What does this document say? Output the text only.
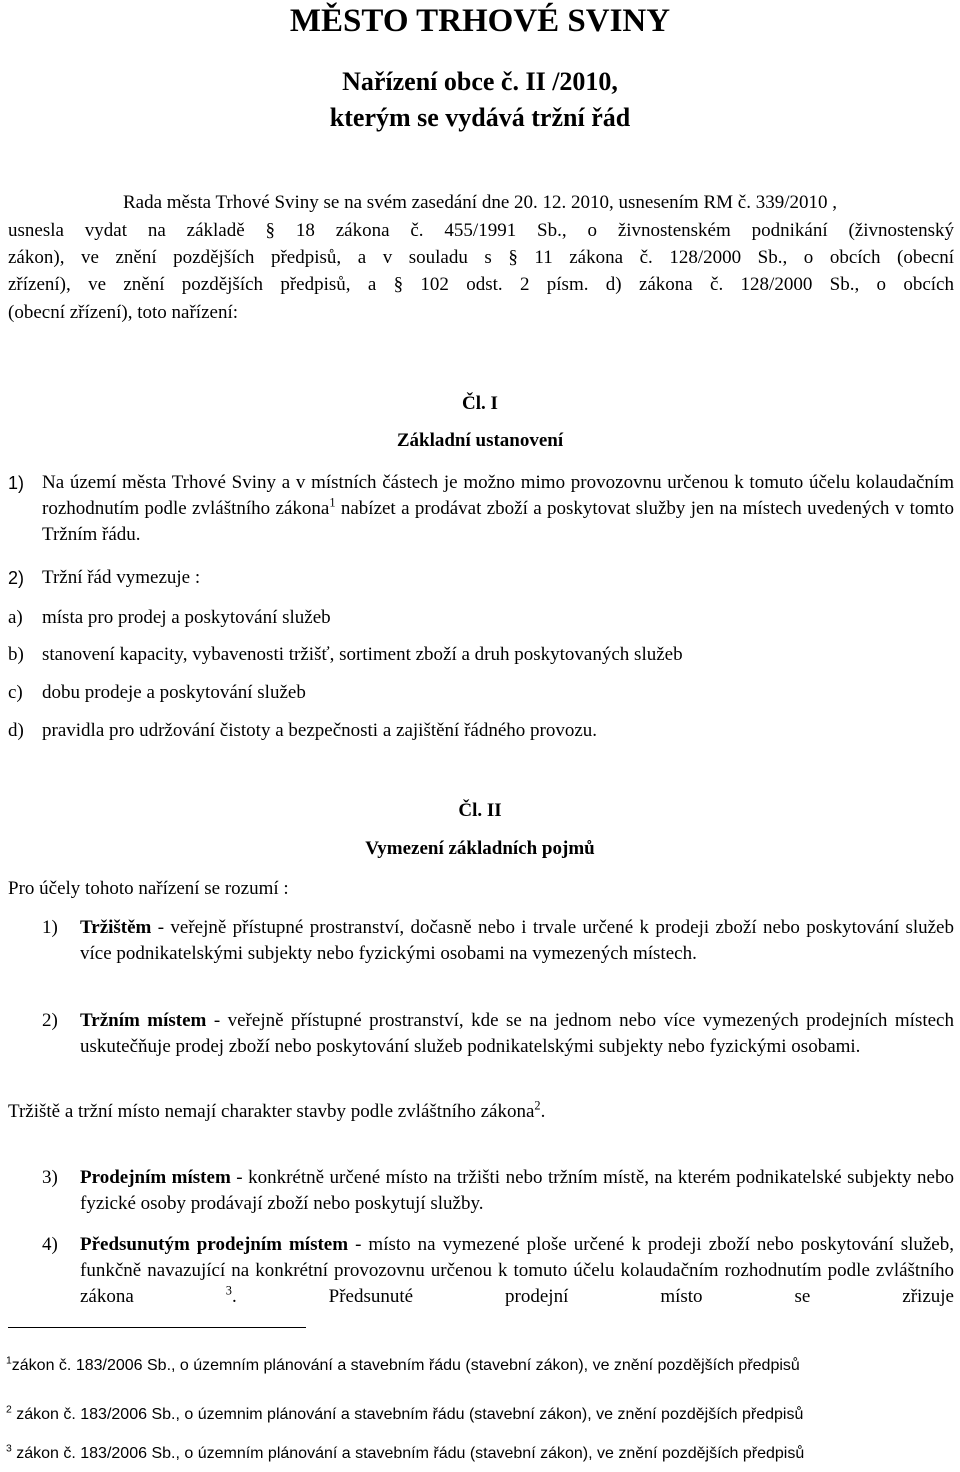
MĚSTO TRHOVÉ SVINY
Nařízení obce č. II /2010,
kterým se vydává tržní řád

Rada města Trhové Sviny se na svém zasedání dne 20. 12. 2010, usnesením RM č. 339/2010 ,

usnesla vydat na základě § 18 zákona č. 455/1991 Sb., o živnostenském podnikání (živnostenský

zákon), ve znění pozdějších předpisů, a v souladu s § 11 zákona č. 128/2000 Sb., o obcích (obecní

zřízení), ve znění pozdějších předpisů, a § 102 odst. 2 písm. d) zákona č. 128/2000 Sb., o obcích

(obecní zřízení), toto nařízení:

Čl. I

Základní ustanovení

1) Na území města Trhové Sviny a v místních částech je možno mimo provozovnu určenou k tomuto účelu kolaudačním rozhodnutím podle zvláštního zákona$^1$ nabízet a prodávat zboží a poskytovat služby jen na místech uvedených v tomto Tržním řádu.

2) Tržní řád vymezuje :

a)	místa pro prodej a poskytování služeb

b) stanovení kapacity, vybavenosti tržišť, sortiment zboží a druh poskytovaných služeb

c)	dobu prodeje a poskytování služeb

d) pravidla pro udržování čistoty a bezpečnosti a zajištění řádného provozu.

Čl. II

Vymezení základních pojmů

Pro účely tohoto nařízení se rozumí :

1) Tržištěm - veřejně přístupné prostranství, dočasně nebo i trvale určené k prodeji zboží nebo poskytování služeb více podnikatelskými subjekty nebo fyzickými osobami na vymezených místech.

2) Tržním místem - veřejně přístupné prostranství, kde se na jednom nebo více vymezených prodejních místech uskutečňuje prodej zboží nebo poskytování služeb podnikatelskými subjekty nebo fyzickými osobami.

Tržiště a tržní místo nemají charakter stavby podle zvláštního zákona$^2$.

3) Prodejním místem - konkrétně určené místo na tržišti nebo tržním místě, na kterém podnikatelské subjekty nebo fyzické osoby prodávají zboží nebo poskytují služby.

4) Předsunutým prodejním místem - místo na vymezené ploše určené k prodeji zboží nebo poskytování služeb, funkčně navazující na konkrétní provozovnu určenou k tomuto účelu kolaudačním rozhodnutím podle zvláštního zákona $^3$. Předsunuté prodejní místo se zřizuje

$^1$zákon č. 183/2006 Sb., o územním plánování a stavebním řádu (stavební zákon), ve znění pozdějších předpisů

$^2$ zákon č. 183/2006 Sb., o územnim plánování a stavebním řádu (stavební zákon), ve znění pozdějších předpisů

$^3$ zákon č. 183/2006 Sb., o územním plánování a stavebním řádu (stavební zákon), ve znění pozdějších předpisů
